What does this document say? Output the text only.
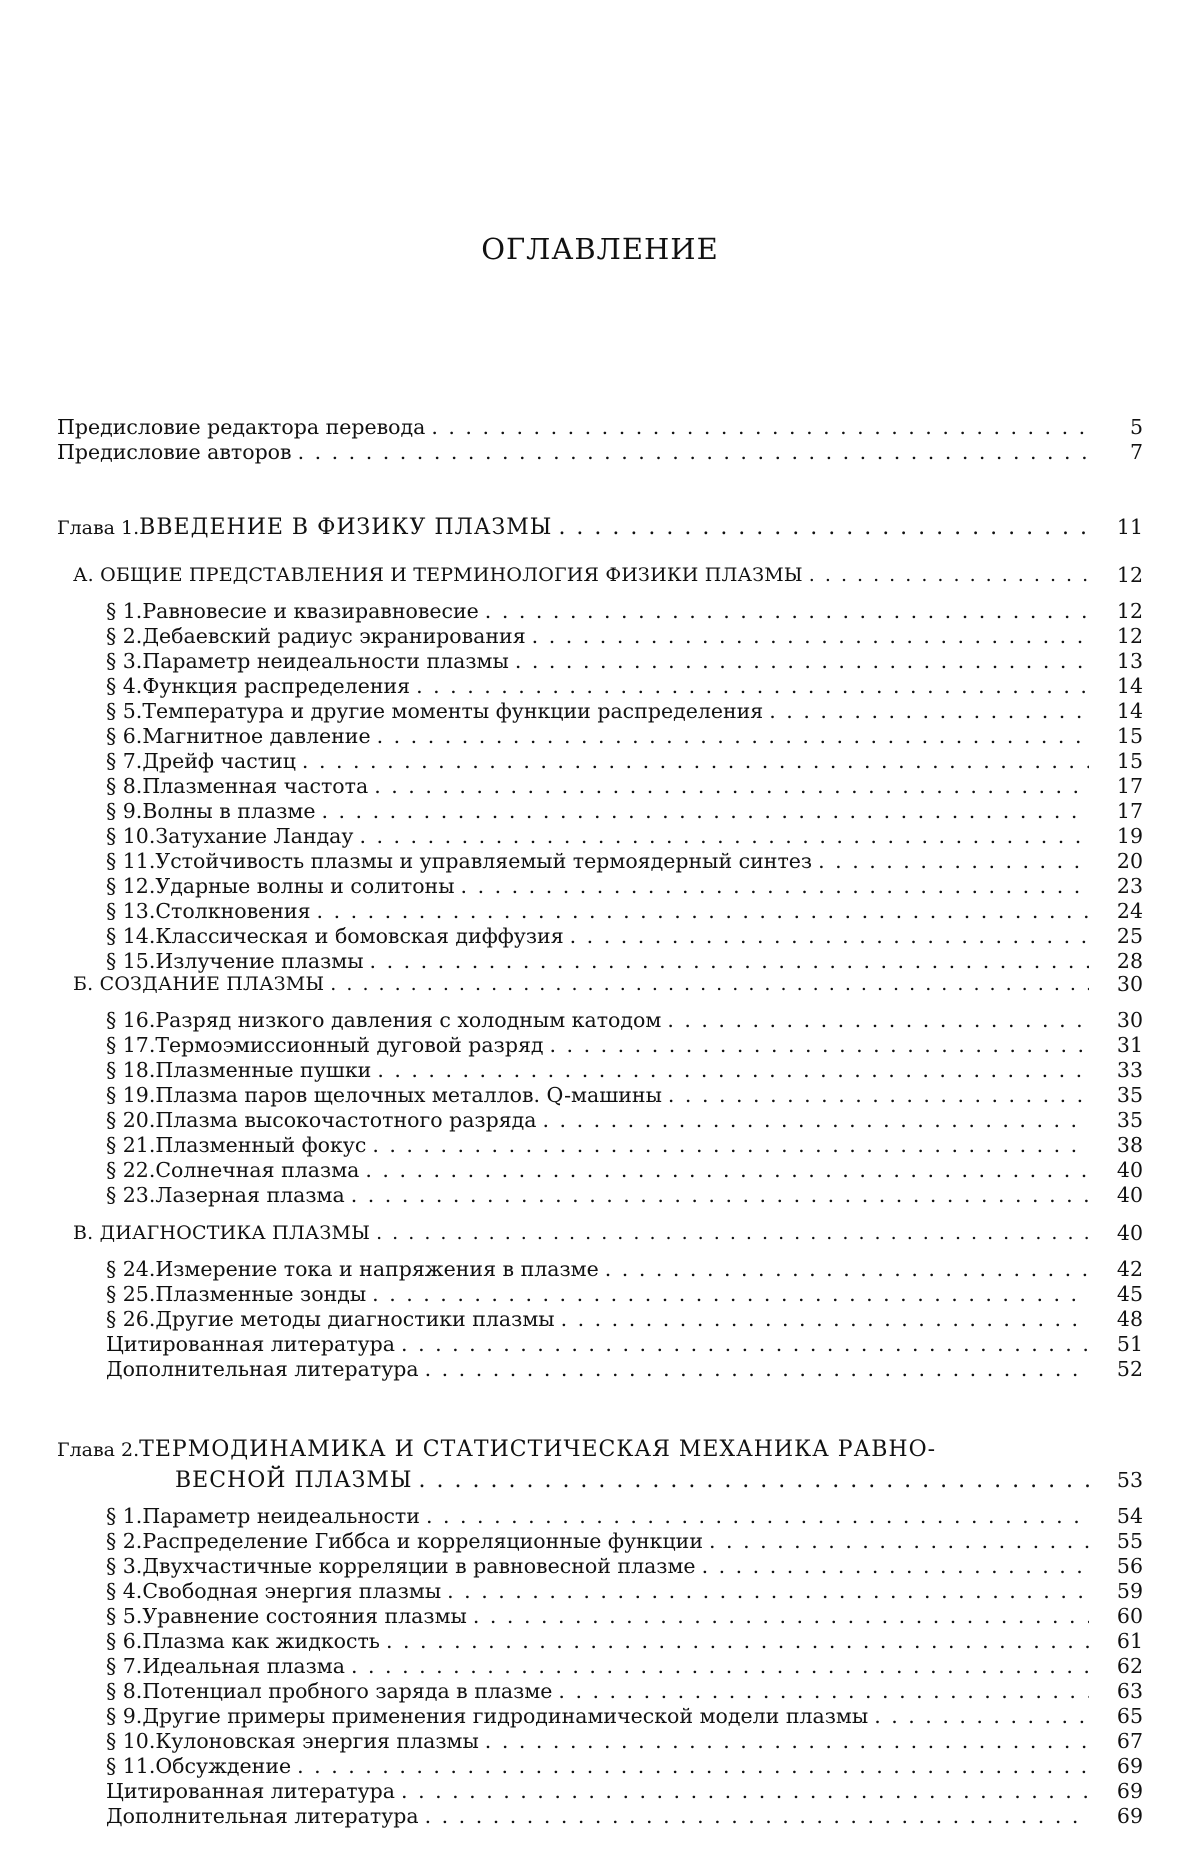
ОГЛАВЛЕНИЕ
Предисловие редактора перевода . . .	5
Предисловие авторов . . .	7
Глава 1. ВВЕДЕНИЕ В ФИЗИКУ ПЛАЗМЫ . . .	11
А. ОБЩИЕ ПРЕДСТАВЛЕНИЯ И ТЕРМИНОЛОГИЯ ФИЗИКИ ПЛАЗМЫ . . .	12
§ 1. Равновесие и квазиравновесие . . .	12
§ 2. Дебаевский радиус экранирования . . .	12
§ 3. Параметр неидеальности плазмы . . .	13
§ 4. Функция распределения . . .	14
§ 5. Температура и другие моменты функции распределения . . .	14
§ 6. Магнитное давление . . .	15
§ 7. Дрейф частиц . . .	15
§ 8. Плазменная частота . . .	17
§ 9. Волны в плазме . . .	17
§ 10. Затухание Ландау . . .	19
§ 11. Устойчивость плазмы и управляемый термоядерный синтез . . .	20
§ 12. Ударные волны и солитоны . . .	23
§ 13. Столкновения . . .	24
§ 14. Классическая и бомовская диффузия . . .	25
§ 15. Излучение плазмы . . .	28
Б. СОЗДАНИЕ ПЛАЗМЫ . . .	30
§ 16. Разряд низкого давления с холодным катодом . . .	30
§ 17. Термоэмиссионный дуговой разряд . . .	31
§ 18. Плазменные пушки . . .	33
§ 19. Плазма паров щелочных металлов. Q-машины . . .	35
§ 20. Плазма высокочастотного разряда . . .	35
§ 21. Плазменный фокус . . .	38
§ 22. Солнечная плазма . . .	40
§ 23. Лазерная плазма . . .	40
В. ДИАГНОСТИКА ПЛАЗМЫ . . .	40
§ 24. Измерение тока и напряжения в плазме . . .	42
§ 25. Плазменные зонды . . .	45
§ 26. Другие методы диагностики плазмы . . .	48
Цитированная литература . . .	51
Дополнительная литература . . .	52
Глава 2. ТЕРМОДИНАМИКА И СТАТИСТИЧЕСКАЯ МЕХАНИКА РАВНО-
ВЕСНОЙ ПЛАЗМЫ . . .	53
§ 1. Параметр неидеальности . . .	54
§ 2. Распределение Гиббса и корреляционные функции . . .	55
§ 3. Двухчастичные корреляции в равновесной плазме . . .	56
§ 4. Свободная энергия плазмы . . .	59
§ 5. Уравнение состояния плазмы . . .	60
§ 6. Плазма как жидкость . . .	61
§ 7. Идеальная плазма . . .	62
§ 8. Потенциал пробного заряда в плазме . . .	63
§ 9. Другие примеры применения гидродинамической модели плазмы . . .	65
§ 10. Кулоновская энергия плазмы . . .	67
§ 11. Обсуждение . . .	69
Цитированная литература . . .	69
Дополнительная литература . . .	69
